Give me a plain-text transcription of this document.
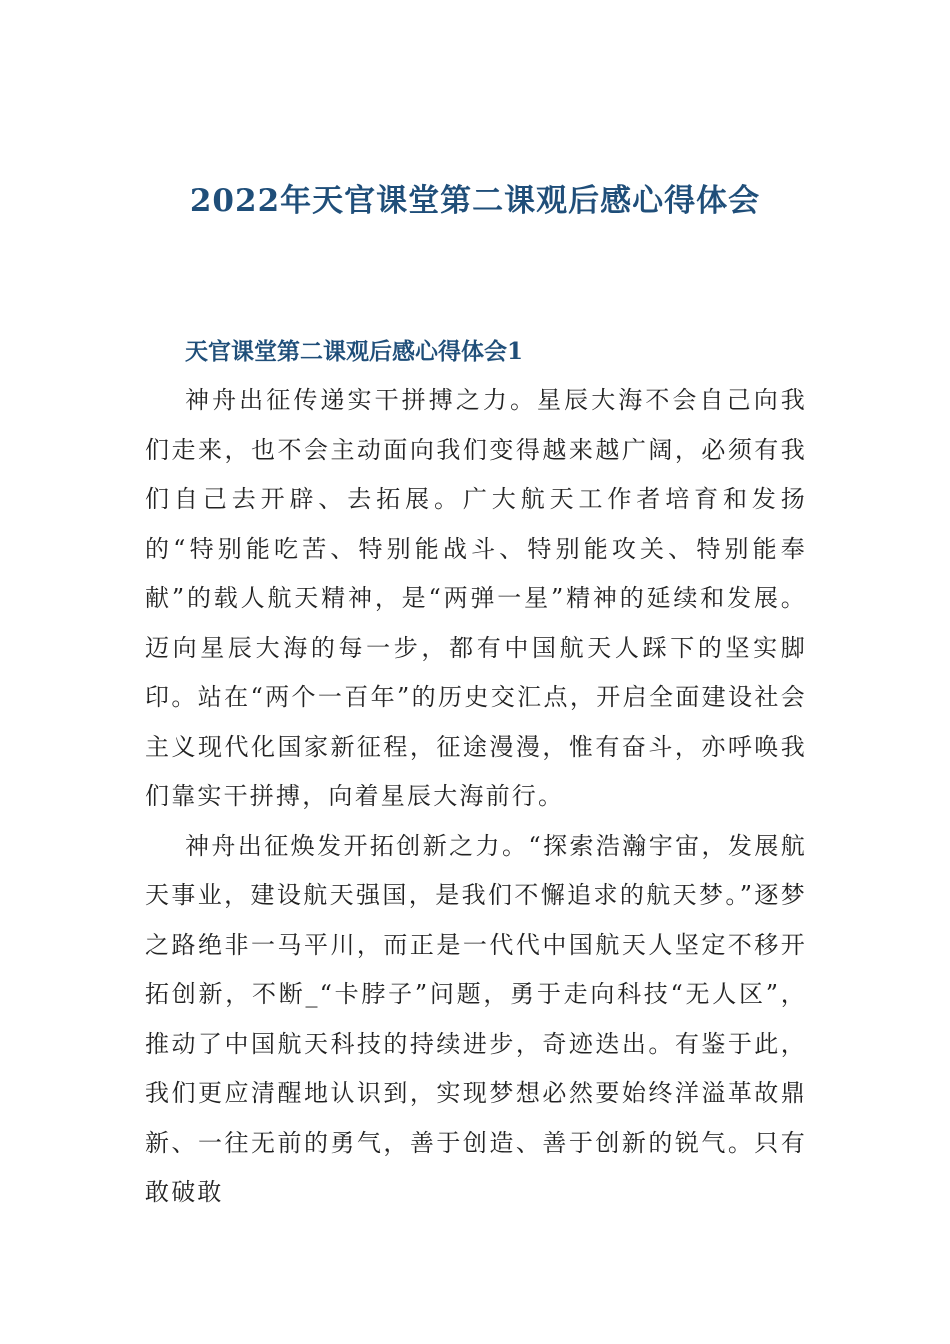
2022年天官课堂第二课观后感心得体会
天官课堂第二课观后感心得体会1

神舟出征传递实干拼搏之力。星辰大海不会自己向我们走来，也不会主动面向我们变得越来越广阔，必须有我们自己去开辟、去拓展。广大航天工作者培育和发扬的“特别能吃苦、特别能战斗、特别能攻关、特别能奉献”的载人航天精神，是“两弹一星”精神的延续和发展。迈向星辰大海的每一步，都有中国航天人踩下的坚实脚印。站在“两个一百年”的历史交汇点，开启全面建设社会主义现代化国家新征程，征途漫漫，惟有奋斗，亦呼唤我们靠实干拼搏，向着星辰大海前行。

神舟出征焕发开拓创新之力。“探索浩瀚宇宙，发展航天事业，建设航天强国，是我们不懈追求的航天梦。”逐梦之路绝非一马平川，而正是一代代中国航天人坚定不移开拓创新，不断_“卡脖子”问题，勇于走向科技“无人区”，推动了中国航天科技的持续进步，奇迹迭出。有鉴于此，我们更应清醒地认识到，实现梦想必然要始终洋溢革故鼎新、一往无前的勇气，善于创造、善于创新的锐气。只有敢破敢
